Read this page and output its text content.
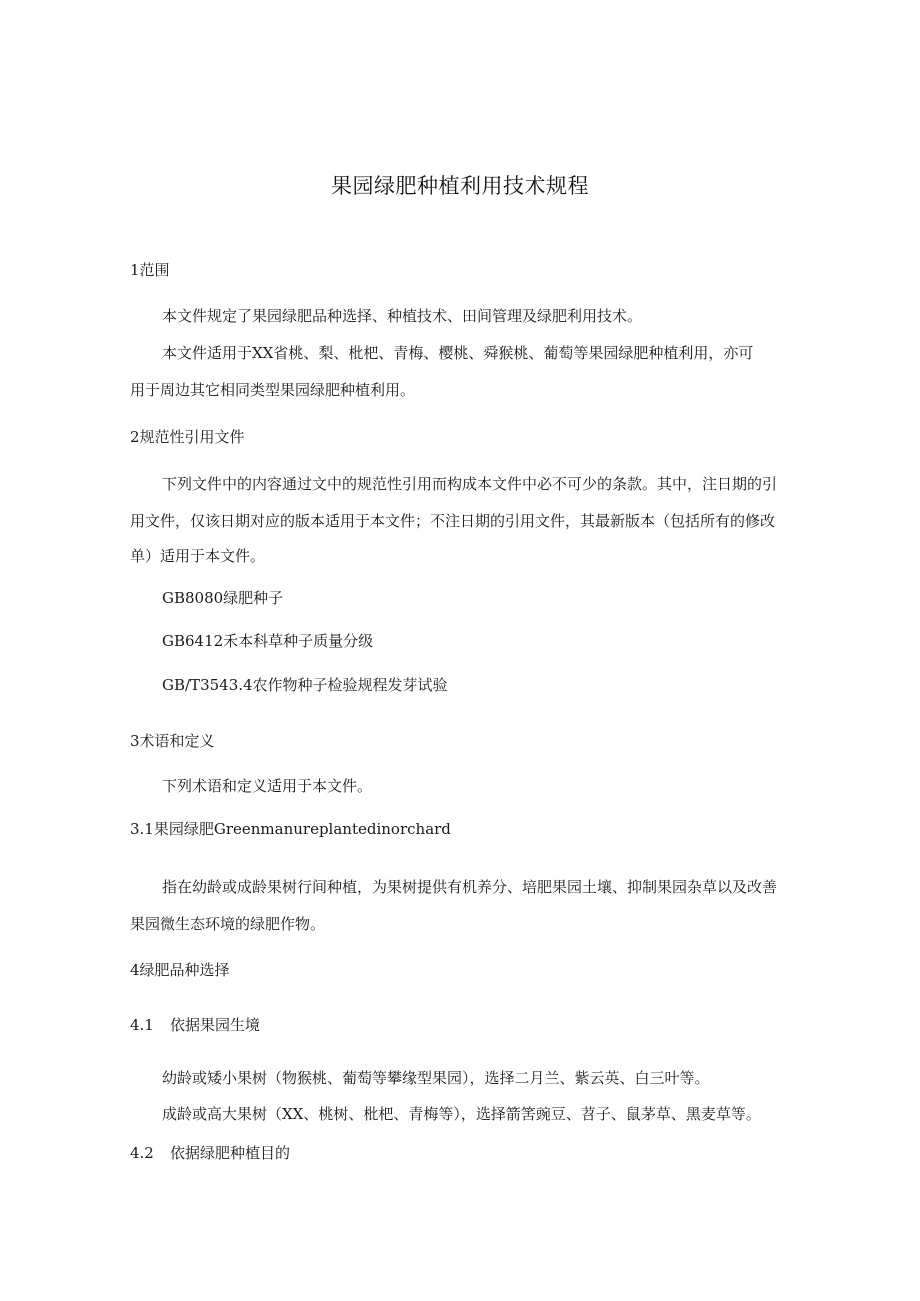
果园绿肥种植利用技术规程
1范围
本文件规定了果园绿肥品种选择、种植技术、田间管理及绿肥利用技术。
本文件适用于XX省桃、梨、枇杷、青梅、樱桃、舜猴桃、葡萄等果园绿肥种植利用，亦可
用于周边其它相同类型果园绿肥种植利用。
2规范性引用文件
下列文件中的内容通过文中的规范性引用而构成本文件中必不可少的条款。其中，注日期的引
用文件，仅该日期对应的版本适用于本文件；不注日期的引用文件，其最新版本（包括所有的修改
单）适用于本文件。
GB8080绿肥种子
GB6412禾本科草种子质量分级
GB/T3543.4农作物种子检验规程发芽试验
3术语和定义
下列术语和定义适用于本文件。
3.1果园绿肥Greenmanureplantedinorchard
指在幼龄或成龄果树行间种植，为果树提供有机养分、培肥果园土壤、抑制果园杂草以及改善
果园微生态环境的绿肥作物。
4绿肥品种选择
4.1 依据果园生境
幼龄或矮小果树（物猴桃、葡萄等攀缘型果园），选择二月兰、紫云英、白三叶等。
成龄或高大果树（XX、桃树、枇杷、青梅等），选择箭筈豌豆、苕子、鼠茅草、黑麦草等。
4.2 依据绿肥种植目的
